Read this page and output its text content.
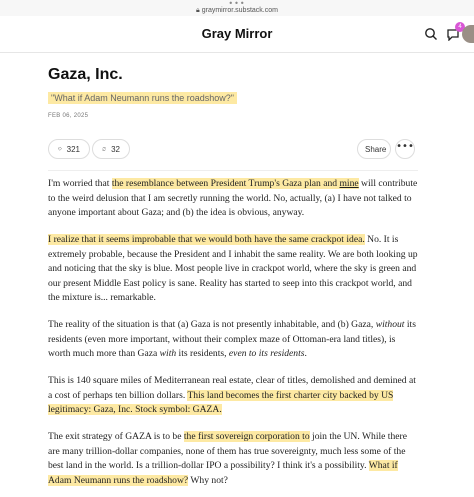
•••
🔒︎ graymirror.substack.com
Gray Mirror	4
Gaza, Inc.
"What if Adam Neumann runs the roadshow?"
FEB 06, 2025
321	32	Share •••

I'm worried that the resemblance between President Trump's Gaza plan and mine will contribute to the weird delusion that I am secretly running the world. No, actually, (a) I have not talked to anyone important about Gaza; and (b) the idea is obvious, anyway.

I realize that it seems improbable that we would both have the same crackpot idea. No. It is extremely probable, because the President and I inhabit the same reality. We are both looking up and noticing that the sky is blue. Most people live in crackpot world, where the sky is green and our present Middle East policy is sane. Reality has started to seep into this crackpot world, and the mixture is... remarkable.

The reality of the situation is that (a) Gaza is not presently inhabitable, and (b) Gaza, without its residents (even more important, without their complex maze of Ottoman-era land titles), is worth much more than Gaza with its residents, even to its residents.

This is 140 square miles of Mediterranean real estate, clear of titles, demolished and demined at a cost of perhaps ten billion dollars. This land becomes the first charter city backed by US legitimacy: Gaza, Inc. Stock symbol: GAZA.

The exit strategy of GAZA is to be the first sovereign corporation to join the UN. While there are many trillion-dollar companies, none of them has true sovereignty, much less some of the best land in the world. Is a trillion-dollar IPO a possibility? I think it's a possibility. What if Adam Neumann runs the roadshow? Why not?
